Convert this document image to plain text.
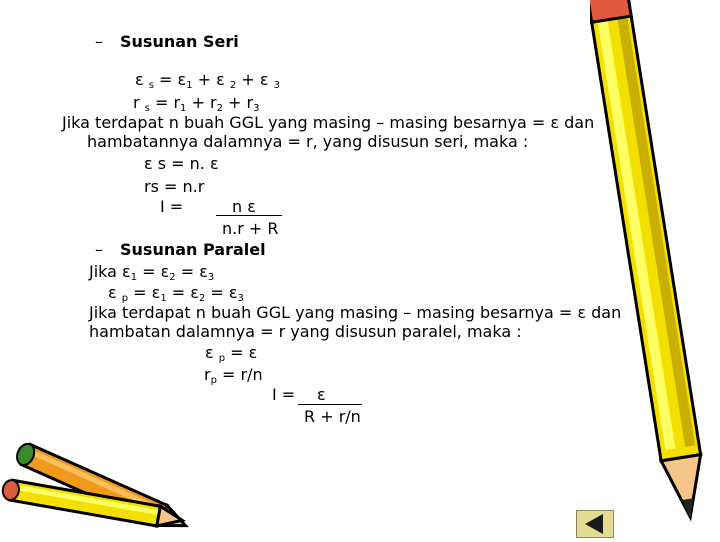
– Susunan Seri
ε $_s = \varepsilon_1 + \varepsilon$ $_2$ + ε $_3$
r $_s = r_1 + r_2 + r_3$
Jika terdapat n buah GGL yang masing – masing besarnya = ε dan
hambatannya dalamnya = r, yang disusun seri, maka :
ε s = n. ε
rs = n.r
I =	n ε
n.r + R
– Susunan Paralel
Jika $\varepsilon_1 = \varepsilon_2 = \varepsilon_3$
ε $_p = \varepsilon_1 = \varepsilon_2 = \varepsilon_3$
Jika terdapat n buah GGL yang masing – masing besarnya = ε dan
hambatan dalamnya = r yang disusun paralel, maka :
ε $_p$ = ε
$r_p = r/n$
I = ε
R + r/n
